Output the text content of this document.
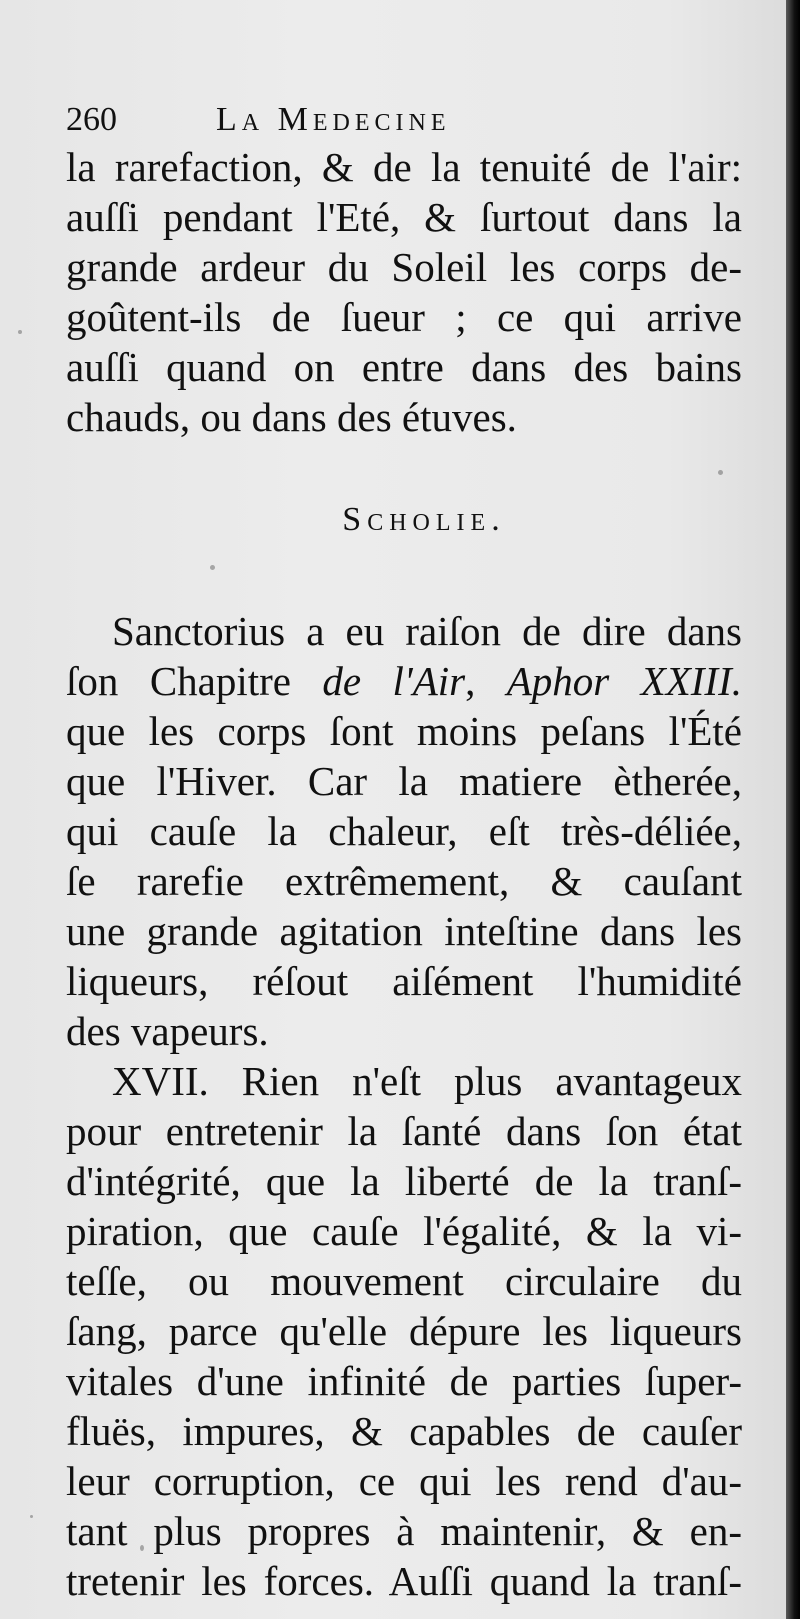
260	La Medecine
la rarefaction, & de la tenuité de l'air:
auſſi pendant l'Eté, & ſurtout dans la
grande ardeur du Soleil les corps de-
goûtent-ils de ſueur ; ce qui arrive
auſſi quand on entre dans des bains
chauds, ou dans des étuves.
Scholie.
Sanctorius a eu raiſon de dire dans
ſon Chapitre de l'Air, Aphor XXIII.
que les corps ſont moins peſans l'Été
que l'Hiver. Car la matiere ètherée,
qui cauſe la chaleur, eſt très-déliée,
ſe rarefie extrêmement, & cauſant
une grande agitation inteſtine dans les
liqueurs, réſout aiſément l'humidité
des vapeurs.
XVII. Rien n'eſt plus avantageux
pour entretenir la ſanté dans ſon état
d'intégrité, que la liberté de la tranſ-
piration, que cauſe l'égalité, & la vi-
teſſe, ou mouvement circulaire du
ſang, parce qu'elle dépure les liqueurs
vitales d'une infinité de parties ſuper-
fluës, impures, & capables de cauſer
leur corruption, ce qui les rend d'au-
tant plus propres à maintenir, & en-
tretenir les forces. Auſſi quand la tranſ-
